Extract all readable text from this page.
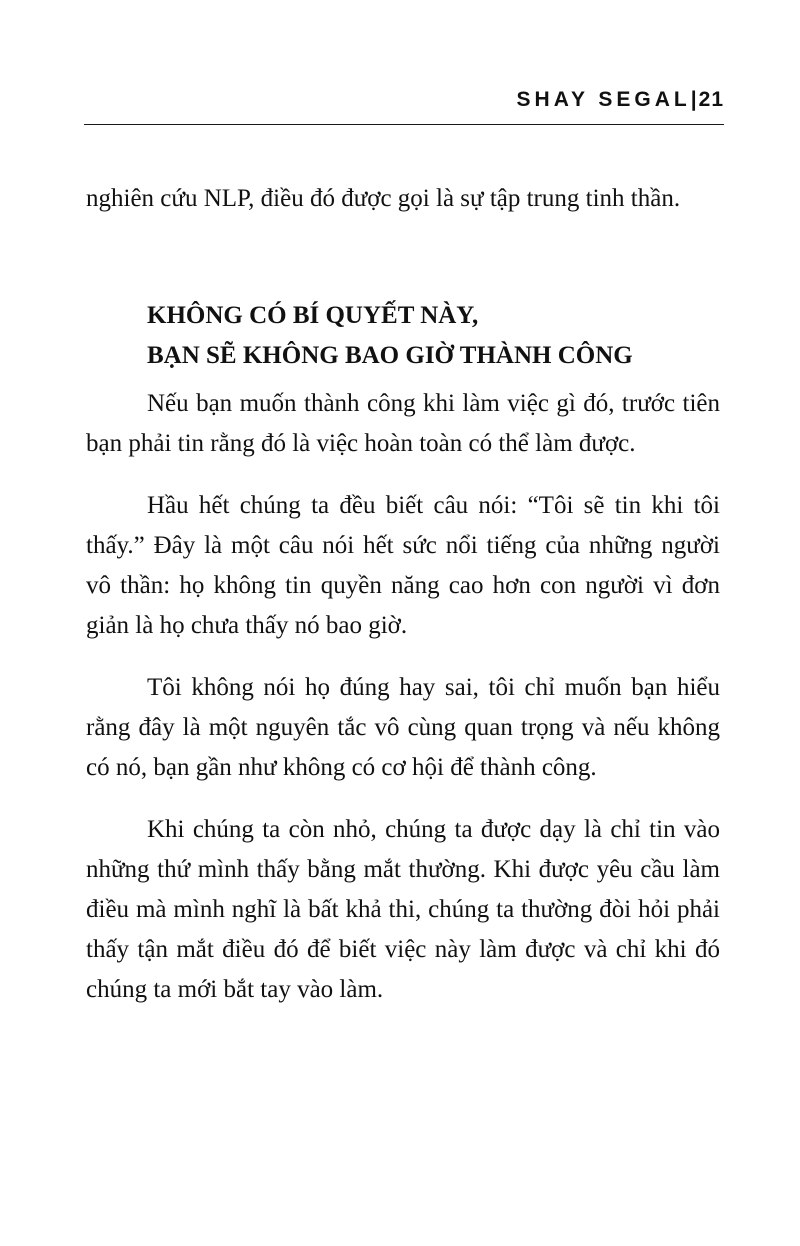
SHAY SEGAL|21

nghiên cứu NLP, điều đó được gọi là sự tập trung tinh thần.

KHÔNG CÓ BÍ QUYẾT NÀY,
BẠN SẼ KHÔNG BAO GIỜ THÀNH CÔNG

Nếu bạn muốn thành công khi làm việc gì đó, trước tiên bạn phải tin rằng đó là việc hoàn toàn có thể làm được.

Hầu hết chúng ta đều biết câu nói: “Tôi sẽ tin khi tôi thấy.” Đây là một câu nói hết sức nổi tiếng của những người vô thần: họ không tin quyền năng cao hơn con người vì đơn giản là họ chưa thấy nó bao giờ.

Tôi không nói họ đúng hay sai, tôi chỉ muốn bạn hiểu rằng đây là một nguyên tắc vô cùng quan trọng và nếu không có nó, bạn gần như không có cơ hội để thành công.

Khi chúng ta còn nhỏ, chúng ta được dạy là chỉ tin vào những thứ mình thấy bằng mắt thường. Khi được yêu cầu làm điều mà mình nghĩ là bất khả thi, chúng ta thường đòi hỏi phải thấy tận mắt điều đó để biết việc này làm được và chỉ khi đó chúng ta mới bắt tay vào làm.
